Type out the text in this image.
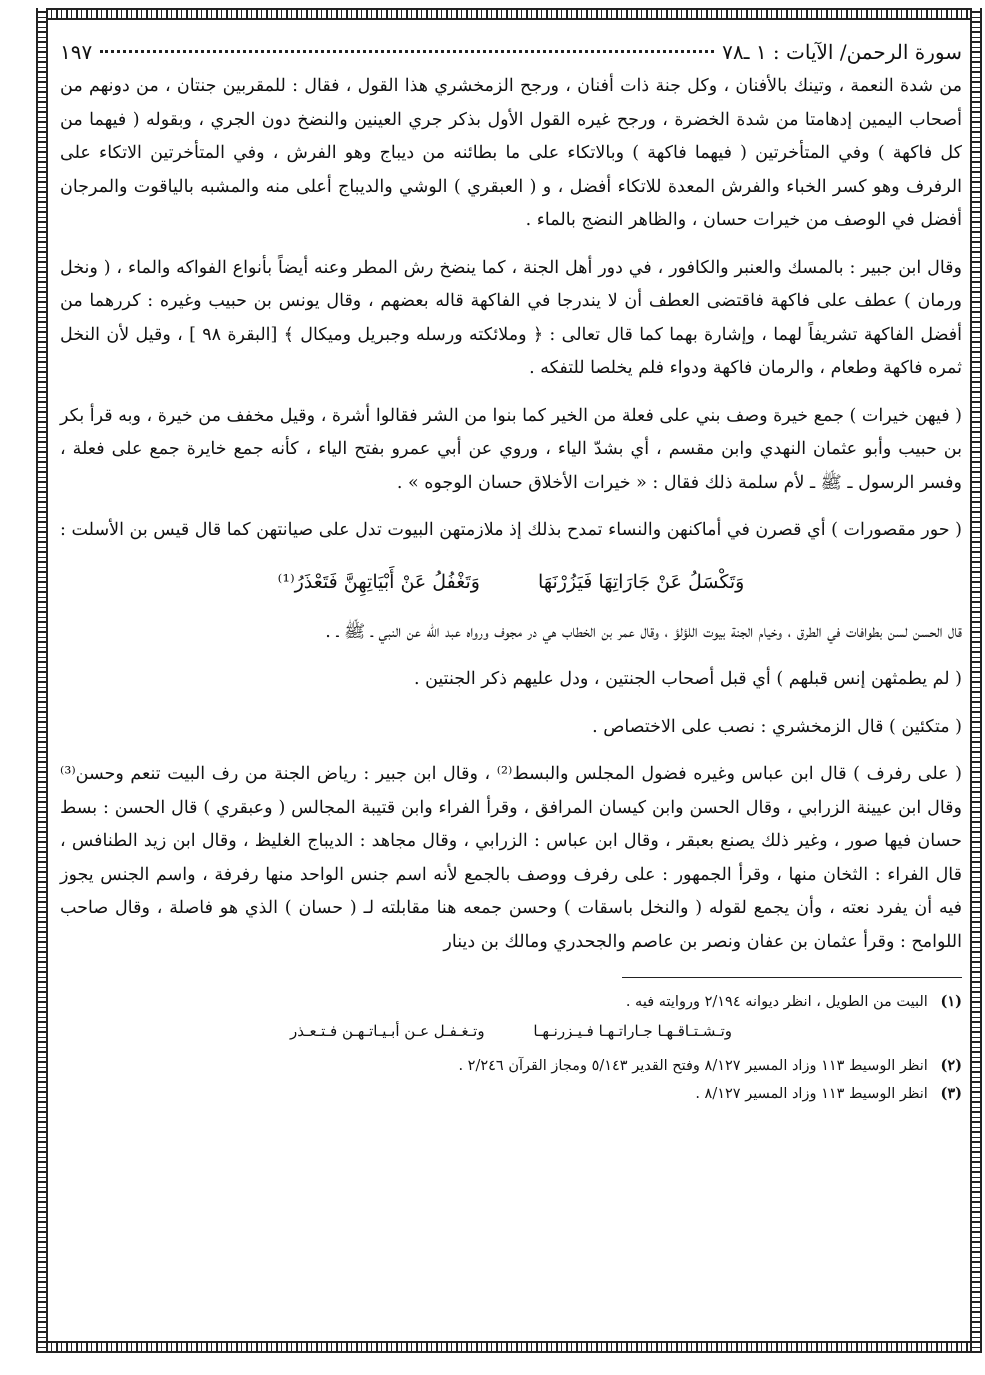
سورة الرحمن/ الآيات : ١ ـ٧٨
١٩٧

من شدة النعمة ، وتينك بالأفنان ، وكل جنة ذات أفنان ، ورجح الزمخشري هذا القول ، فقال : للمقربين جنتان ، من دونهم من أصحاب اليمين إدهامتا من شدة الخضرة ، ورجح غيره القول الأول بذكر جري العينين والنضخ دون الجري ، وبقوله ( فيهما من كل فاكهة ) وفي المتأخرتين ( فيهما فاكهة ) وبالاتكاء على ما بطائنه من ديباج وهو الفرش ، وفي المتأخرتين الاتكاء على الرفرف وهو كسر الخباء والفرش المعدة للاتكاء أفضل ، و ( العبقري ) الوشي والديباج أعلى منه والمشبه بالياقوت والمرجان أفضل في الوصف من خيرات حسان ، والظاهر النضج بالماء .

وقال ابن جبير : بالمسك والعنبر والكافور ، في دور أهل الجنة ، كما ينضخ رش المطر وعنه أيضاً بأنواع الفواكه والماء ، ( ونخل ورمان ) عطف على فاكهة فاقتضى العطف أن لا يندرجا في الفاكهة قاله بعضهم ، وقال يونس بن حبيب وغيره : كررهما من أفضل الفاكهة تشريفاً لهما ، وإشارة بهما كما قال تعالى : ﴿ وملائكته ورسله وجبريل وميكال ﴾ [البقرة ٩٨ ] ، وقيل لأن النخل ثمره فاكهة وطعام ، والرمان فاكهة ودواء فلم يخلصا للتفكه .

( فيهن خيرات ) جمع خيرة وصف بني على فعلة من الخير كما بنوا من الشر فقالوا أشرة ، وقيل مخفف من خيرة ، وبه قرأ بكر بن حبيب وأبو عثمان النهدي وابن مقسم ، أي بشدّ الياء ، وروي عن أبي عمرو بفتح الياء ، كأنه جمع خايرة جمع على فعلة ، وفسر الرسول ـ ﷺ ـ لأم سلمة ذلك فقال : « خيرات الأخلاق حسان الوجوه » .

( حور مقصورات ) أي قصرن في أماكنهن والنساء تمدح بذلك إذ ملازمتهن البيوت تدل على صيانتهن كما قال قيس بن الأسلت :

وَتَكْسَلُ عَنْ جَارَاتِهَا فَيَزُرْنَهَا وَتَغْفُلُ عَنْ أَبْيَاتِهِنَّ فَتَعْذَرُ⁽¹⁾

قال الحسن لسن بطوافات في الطرق ، وخيام الجنة بيوت اللؤلؤ ، وقال عمر بن الخطاب هي در مجوف ورواه عبد الله عن النبي ـ ﷺ ـ .

( لم يطمثهن إنس قبلهم ) أي قبل أصحاب الجنتين ، ودل عليهم ذكر الجنتين .

( متكئين ) قال الزمخشري : نصب على الاختصاص .

( على رفرف ) قال ابن عباس وغيره فضول المجلس والبسط⁽²⁾ ، وقال ابن جبير : رياض الجنة من رف البيت تنعم وحسن⁽³⁾وقال ابن عيينة الزرابي ، وقال الحسن وابن كيسان المرافق ، وقرأ الفراء وابن قتيبة المجالس ( وعبقري ) قال الحسن : بسط حسان فيها صور ، وغير ذلك يصنع بعبقر ، وقال ابن عباس : الزرابي ، وقال مجاهد : الديباج الغليظ ، وقال ابن زيد الطنافس ، قال الفراء : الثخان منها ، وقرأ الجمهور : على رفرف ووصف بالجمع لأنه اسم جنس الواحد منها رفرفة ، واسم الجنس يجوز فيه أن يفرد نعته ، وأن يجمع لقوله ( والنخل باسقات ) وحسن جمعه هنا مقابلته لـ ( حسان ) الذي هو فاصلة ، وقال صاحب اللوامح : وقرأ عثمان بن عفان ونصر بن عاصم والجحدري ومالك بن دينار

(١) البيت من الطويل ، انظر ديوانه ٢/١٩٤ وروايته فيه .

وتـشـتـاقـهـا جـاراتـهـا فـيـزرنـهـا وتـغـفـل عـن أبـيـاتـهـن فـتـعـذر

(٢) انظر الوسيط ١١٣ وزاد المسير ٨/١٢٧ وفتح القدير ٥/١٤٣ ومجاز القرآن ٢/٢٤٦ .

(٣) انظر الوسيط ١١٣ وزاد المسير ٨/١٢٧ .
